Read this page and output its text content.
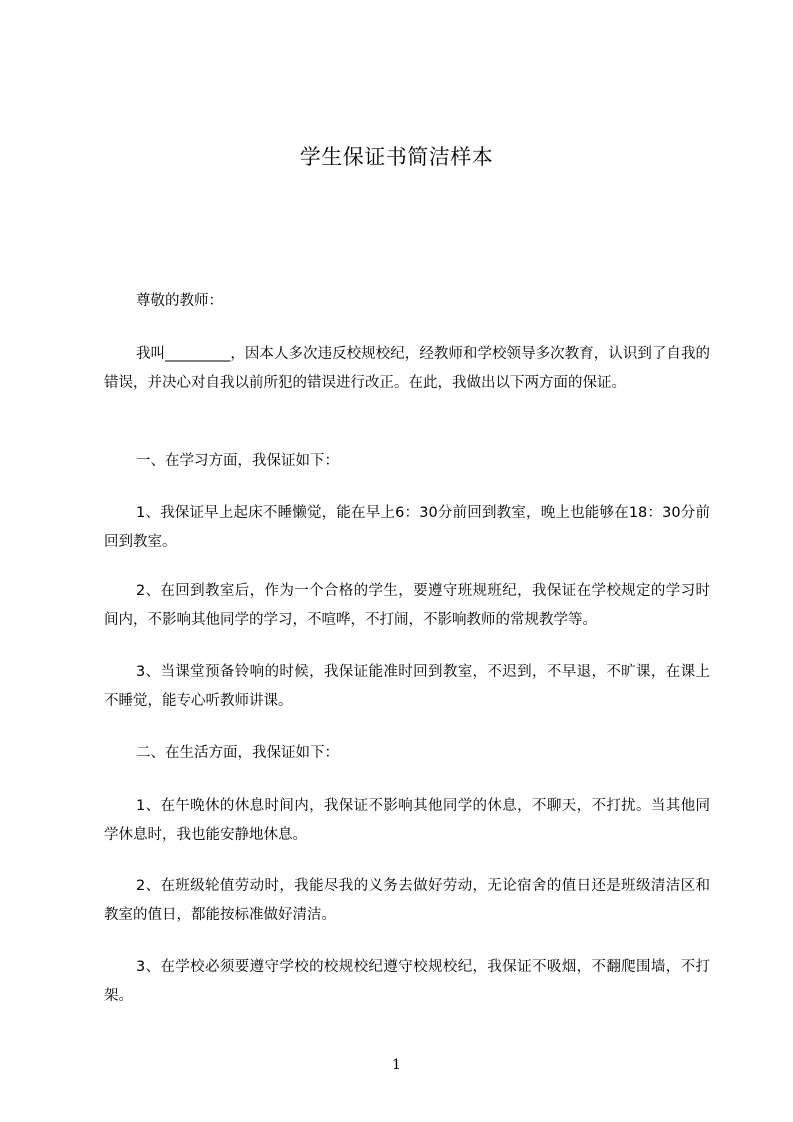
学生保证书简洁样本
尊敬的教师：
我叫_________，因本人多次违反校规校纪，经教师和学校领导多次教育，认识到了自我的错误，并决心对自我以前所犯的错误进行改正。在此，我做出以下两方面的保证。
一、在学习方面，我保证如下：
1、我保证早上起床不睡懒觉，能在早上6：30分前回到教室，晚上也能够在18：30分前回到教室。
2、在回到教室后，作为一个合格的学生，要遵守班规班纪，我保证在学校规定的学习时间内，不影响其他同学的学习，不喧哗，不打闹，不影响教师的常规教学等。
3、当课堂预备铃响的时候，我保证能准时回到教室，不迟到，不早退，不旷课，在课上不睡觉，能专心听教师讲课。
二、在生活方面，我保证如下：
1、在午晚休的休息时间内，我保证不影响其他同学的休息，不聊天，不打扰。当其他同学休息时，我也能安静地休息。
2、在班级轮值劳动时，我能尽我的义务去做好劳动，无论宿舍的值日还是班级清洁区和教室的值日，都能按标准做好清洁。
3、在学校必须要遵守学校的校规校纪遵守校规校纪，我保证不吸烟，不翻爬围墙，不打架。
1
